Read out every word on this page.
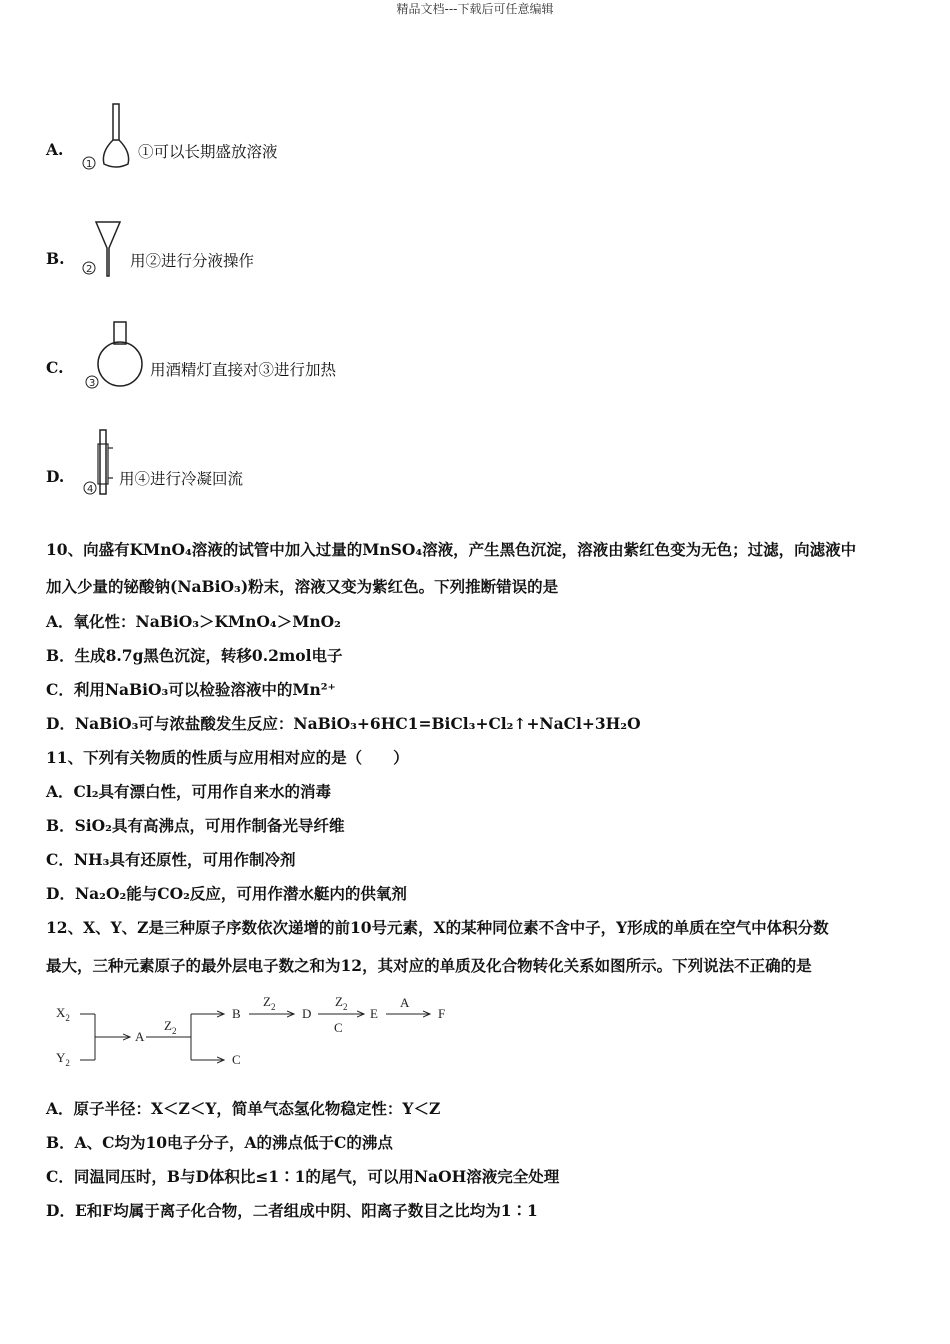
精品文档---下载后可任意编辑
A.
1
①可以长期盛放溶液
B.
2 用②进行分液操作
C.
3
用酒精灯直接对③进行加热
D.
4
用④进行冷凝回流
10、向盛有KMnO₄溶液的试管中加入过量的MnSO₄溶液，产生黑色沉淀，溶液由紫红色变为无色；过滤，向滤液中
加入少量的铋酸钠(NaBiO₃)粉末，溶液又变为紫红色。下列推断错误的是
A．氧化性：NaBiO₃＞KMnO₄＞MnO₂
B．生成8.7g黑色沉淀，转移0.2mol电子
C．利用NaBiO₃可以检验溶液中的Mn²⁺
D．NaBiO₃可与浓盐酸发生反应：NaBiO₃+6HC1=BiCl₃+Cl₂↑+NaCl+3H₂O
11、下列有关物质的性质与应用相对应的是（　　）
A．Cl₂具有漂白性，可用作自来水的消毒
B．SiO₂具有高沸点，可用作制备光导纤维
C．NH₃具有还原性，可用作制冷剂
D．Na₂O₂能与CO₂反应，可用作潜水艇内的供氧剂
12、X、Y、Z是三种原子序数依次递增的前10号元素，X的某种同位素不含中子，Y形成的单质在空气中体积分数
最大，三种元素原子的最外层电子数之和为12，其对应的单质及化合物转化关系如图所示。下列说法不正确的是
$X_2$
$Y_2$
A
$Z_2$
B
C
$Z_2$ D
$Z_2$
C
E
A
F
A．原子半径：X＜Z＜Y，简单气态氢化物稳定性：Y＜Z
B．A、C均为10电子分子，A的沸点低于C的沸点
C．同温同压时，B与D体积比≤1∶1的尾气，可以用NaOH溶液完全处理
D．E和F均属于离子化合物，二者组成中阴、阳离子数目之比均为1∶1
